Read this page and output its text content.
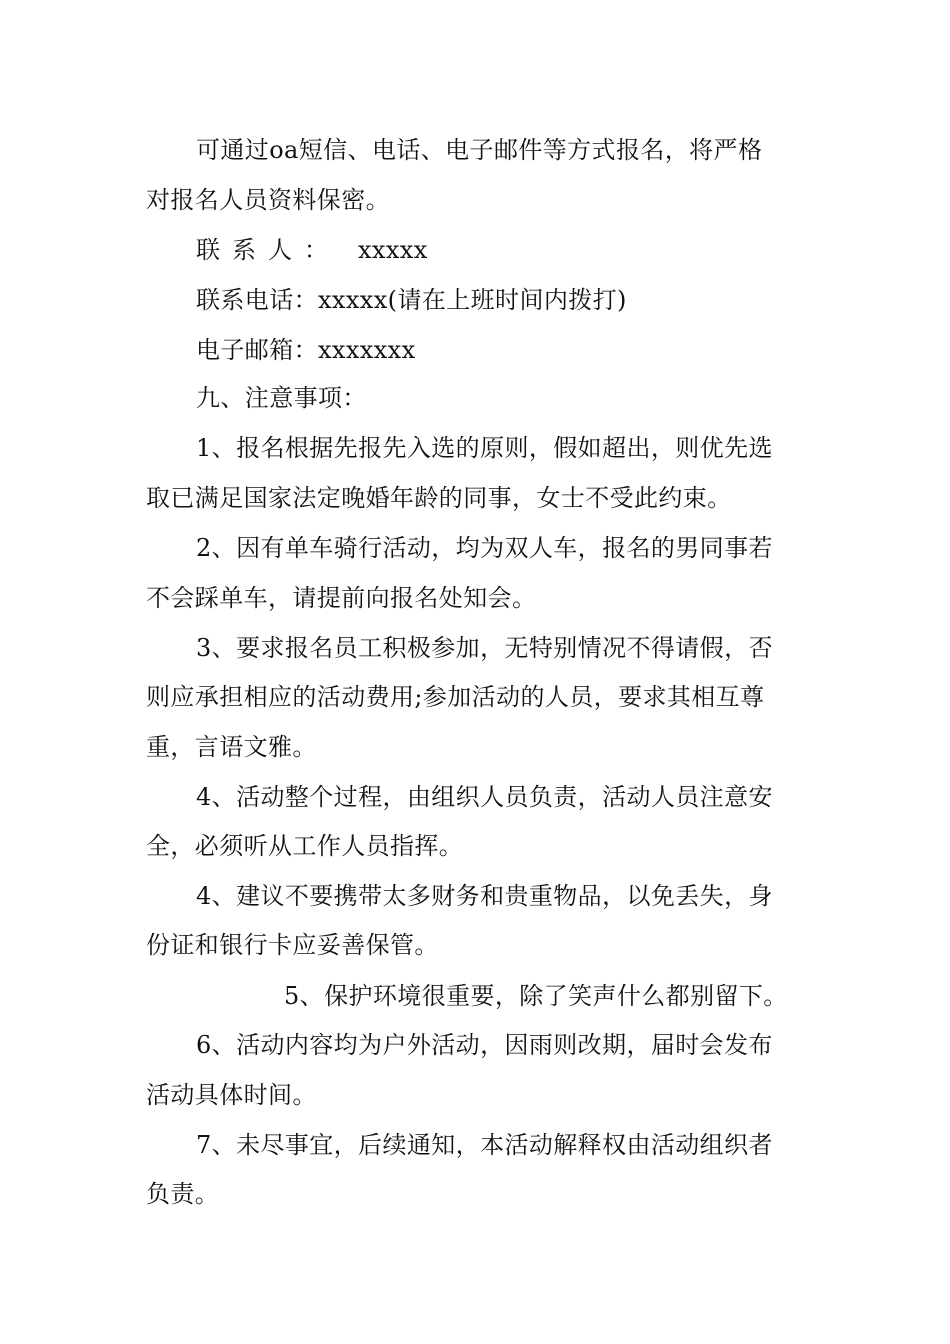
可通过oa短信、电话、电子邮件等方式报名，将严格
对报名人员资料保密。
联系人： xxxxx
联系电话：xxxxx(请在上班时间内拨打)
电子邮箱：xxxxxxx
九、注意事项：
1、报名根据先报先入选的原则，假如超出，则优先选
取已满足国家法定晚婚年龄的同事，女士不受此约束。
2、因有单车骑行活动，均为双人车，报名的男同事若
不会踩单车，请提前向报名处知会。
3、要求报名员工积极参加，无特别情况不得请假，否
则应承担相应的活动费用;参加活动的人员，要求其相互尊
重，言语文雅。
4、活动整个过程，由组织人员负责，活动人员注意安
全，必须听从工作人员指挥。
4、建议不要携带太多财务和贵重物品，以免丢失，身
份证和银行卡应妥善保管。
5、保护环境很重要，除了笑声什么都别留下。
6、活动内容均为户外活动，因雨则改期，届时会发布
活动具体时间。
7、未尽事宜，后续通知，本活动解释权由活动组织者
负责。
